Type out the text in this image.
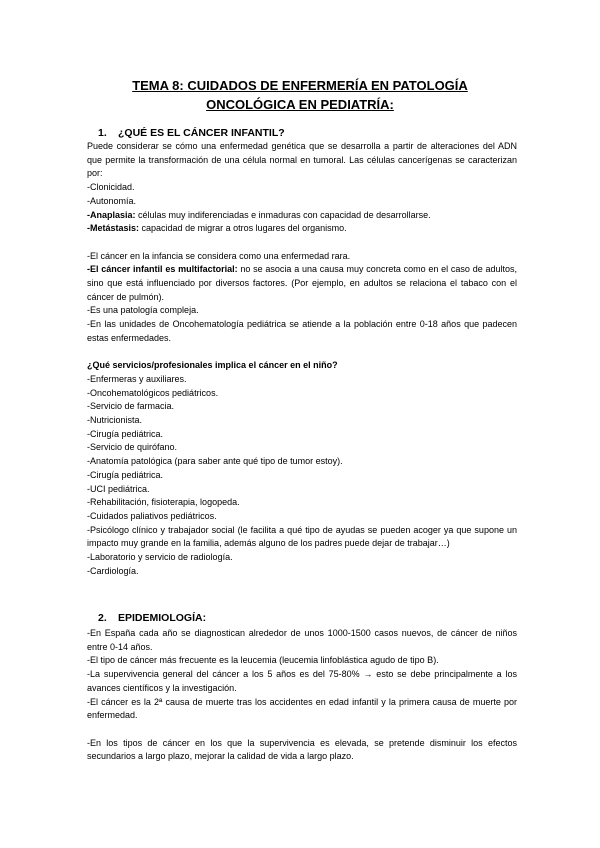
TEMA 8: CUIDADOS DE ENFERMERÍA EN PATOLOGÍA
ONCOLÓGICA EN PEDIATRÍA:
1. ¿QUÉ ES EL CÁNCER INFANTIL?

Puede considerar se cómo una enfermedad genética que se desarrolla a partir de alteraciones del ADN que permite la transformación de una célula normal en tumoral. Las células cancerígenas se caracterizan por:

-Clonicidad.

-Autonomía.

-Anaplasia: células muy indiferenciadas e inmaduras con capacidad de desarrollarse.

-Metástasis: capacidad de migrar a otros lugares del organismo.

-El cáncer en la infancia se considera como una enfermedad rara.

-El cáncer infantil es multifactorial: no se asocia a una causa muy concreta como en el caso de adultos, sino que está influenciado por diversos factores. (Por ejemplo, en adultos se relaciona el tabaco con el cáncer de pulmón).

-Es una patología compleja.

-En las unidades de Oncohematología pediátrica se atiende a la población entre 0-18 años que padecen estas enfermedades.

¿Qué servicios/profesionales implica el cáncer en el niño?

-Enfermeras y auxiliares.

-Oncohematológicos pediátricos.

-Servicio de farmacia.

-Nutricionista.

-Cirugía pediátrica.

-Servicio de quirófano.

-Anatomía patológica (para saber ante qué tipo de tumor estoy).

-Cirugía pediátrica.

-UCI pediátrica.

-Rehabilitación, fisioterapia, logopeda.

-Cuidados paliativos pediátricos.

-Psicólogo clínico y trabajador social (le facilita a qué tipo de ayudas se pueden acoger ya que supone un impacto muy grande en la familia, además alguno de los padres puede dejar de trabajar…)

-Laboratorio y servicio de radiología.

-Cardiología.

2. EPIDEMIOLOGÍA:

-En España cada año se diagnostican alrededor de unos 1000-1500 casos nuevos, de cáncer de niños entre 0-14 años.

-El tipo de cáncer más frecuente es la leucemia (leucemia linfoblástica agudo de tipo B).

-La supervivencia general del cáncer a los 5 años es del 75-80% → esto se debe principalmente a los avances científicos y la investigación.

-El cáncer es la 2ª causa de muerte tras los accidentes en edad infantil y la primera causa de muerte por enfermedad.

-En los tipos de cáncer en los que la supervivencia es elevada, se pretende disminuir los efectos secundarios a largo plazo, mejorar la calidad de vida a largo plazo.
